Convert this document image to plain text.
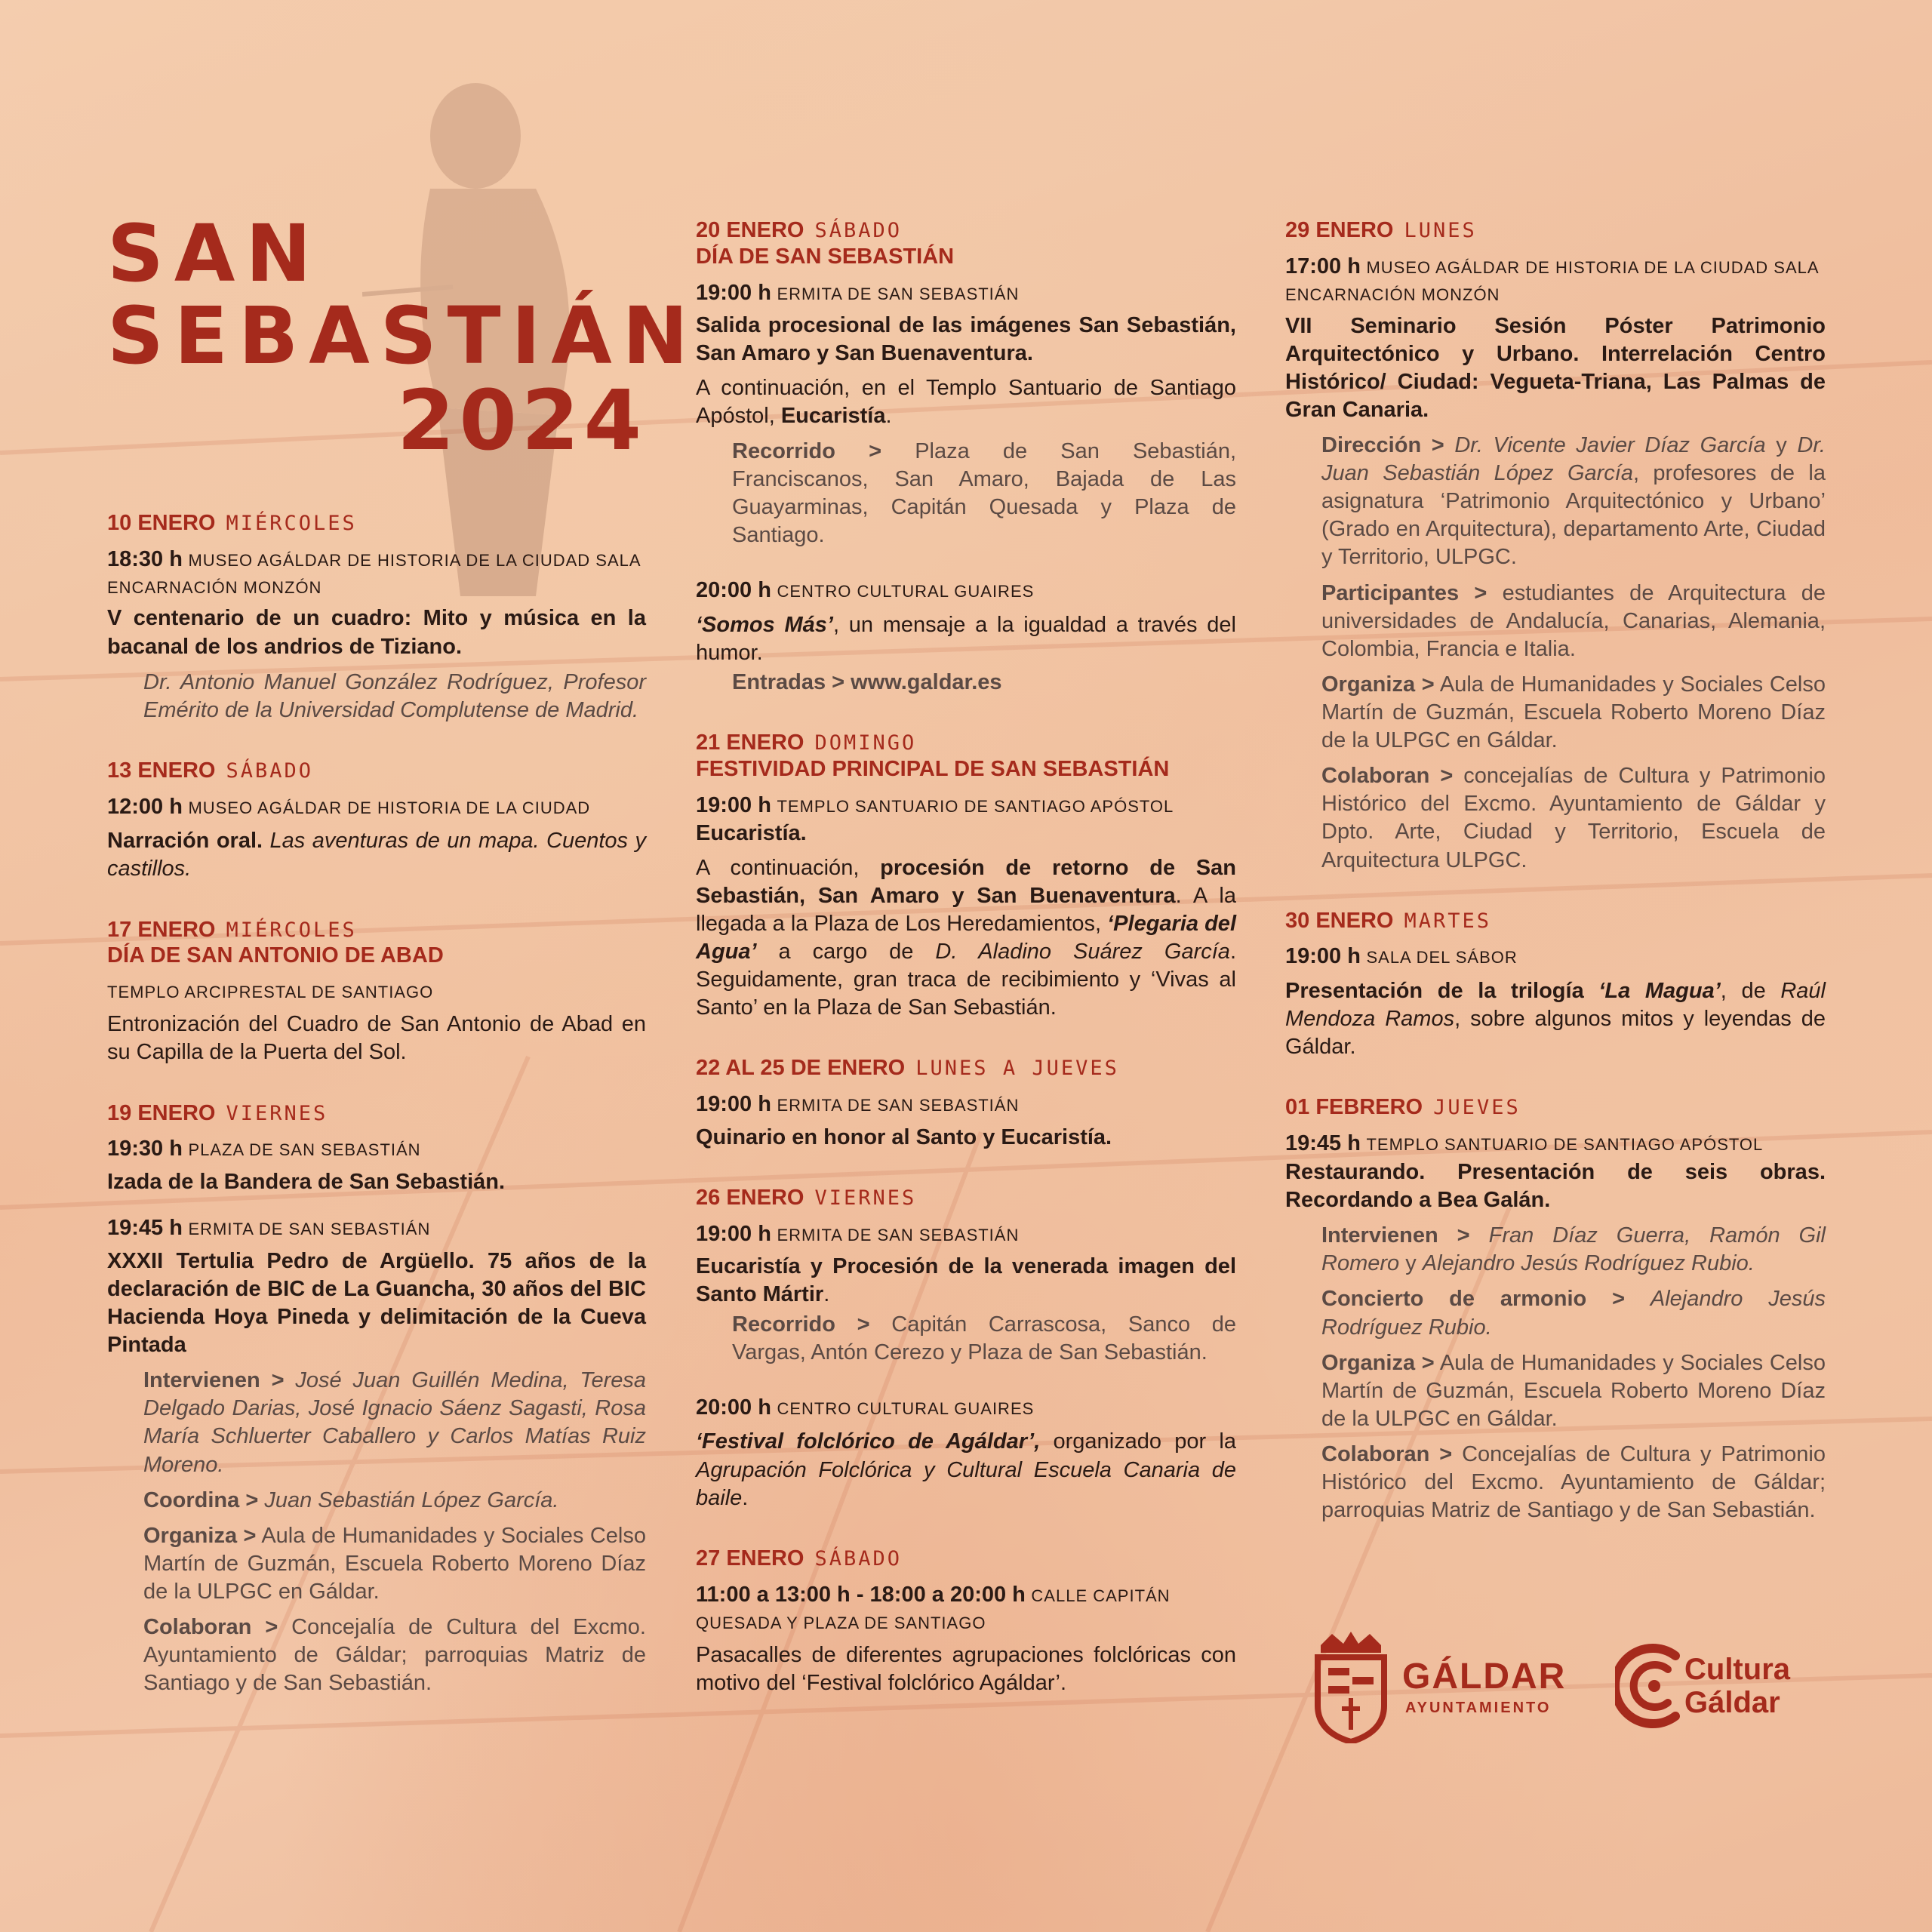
SAN
SEBASTIÁN
2024
10 ENERO MIÉRCOLES
18:30 h MUSEO AGÁLDAR DE HISTORIA DE LA CIUDAD SALA ENCARNACIÓN MONZÓN
V centenario de un cuadro: Mito y música en la bacanal de los andrios de Tiziano.
Dr. Antonio Manuel González Rodríguez, Profesor Emérito de la Universidad Complutense de Madrid.
13 ENERO SÁBADO
12:00 h MUSEO AGÁLDAR DE HISTORIA DE LA CIUDAD
Narración oral. Las aventuras de un mapa. Cuentos y castillos.
17 ENERO MIÉRCOLES
DÍA DE SAN ANTONIO DE ABAD
TEMPLO ARCIPRESTAL DE SANTIAGO
Entronización del Cuadro de San Antonio de Abad en su Capilla de la Puerta del Sol.
19 ENERO VIERNES
19:30 h PLAZA DE SAN SEBASTIÁN
Izada de la Bandera de San Sebastián.
19:45 h ERMITA DE SAN SEBASTIÁN
XXXII Tertulia Pedro de Argüello. 75 años de la declaración de BIC de La Guancha, 30 años del BIC Hacienda Hoya Pineda y delimitación de la Cueva Pintada
Intervienen > José Juan Guillén Medina, Teresa Delgado Darias, José Ignacio Sáenz Sagasti, Rosa María Schluerter Caballero y Carlos Matías Ruiz Moreno.
Coordina > Juan Sebastián López García.
Organiza > Aula de Humanidades y Sociales Celso Martín de Guzmán, Escuela Roberto Moreno Díaz de la ULPGC en Gáldar.
Colaboran > Concejalía de Cultura del Excmo. Ayuntamiento de Gáldar; parroquias Matriz de Santiago y de San Sebastián.
20 ENERO SÁBADO
DÍA DE SAN SEBASTIÁN
19:00 h ERMITA DE SAN SEBASTIÁN
Salida procesional de las imágenes San Sebastián, San Amaro y San Buenaventura.
A continuación, en el Templo Santuario de Santiago Apóstol, Eucaristía.
Recorrido > Plaza de San Sebastián, Franciscanos, San Amaro, Bajada de Las Guayarminas, Capitán Quesada y Plaza de Santiago.
20:00 h CENTRO CULTURAL GUAIRES
‘Somos Más’, un mensaje a la igualdad a través del humor.
Entradas > www.galdar.es
21 ENERO DOMINGO
FESTIVIDAD PRINCIPAL DE SAN SEBASTIÁN
19:00 h TEMPLO SANTUARIO DE SANTIAGO APÓSTOL
Eucaristía.
A continuación, procesión de retorno de San Sebastián, San Amaro y San Buenaventura. A la llegada a la Plaza de Los Heredamientos, ‘Plegaria del Agua’ a cargo de D. Aladino Suárez García. Seguidamente, gran traca de recibimiento y ‘Vivas al Santo’ en la Plaza de San Sebastián.
22 AL 25 DE ENERO LUNES A JUEVES
19:00 h ERMITA DE SAN SEBASTIÁN
Quinario en honor al Santo y Eucaristía.
26 ENERO VIERNES
19:00 h ERMITA DE SAN SEBASTIÁN
Eucaristía y Procesión de la venerada imagen del Santo Mártir.
Recorrido > Capitán Carrascosa, Sanco de Vargas, Antón Cerezo y Plaza de San Sebastián.
20:00 h CENTRO CULTURAL GUAIRES
‘Festival folclórico de Agáldar’, organizado por la Agrupación Folclórica y Cultural Escuela Canaria de baile.
27 ENERO SÁBADO
11:00 a 13:00 h - 18:00 a 20:00 h CALLE CAPITÁN QUESADA Y PLAZA DE SANTIAGO
Pasacalles de diferentes agrupaciones folclóricas con motivo del ‘Festival folclórico Agáldar’.
29 ENERO LUNES
17:00 h MUSEO AGÁLDAR DE HISTORIA DE LA CIUDAD SALA ENCARNACIÓN MONZÓN
VII Seminario Sesión Póster Patrimonio Arquitectónico y Urbano. Interrelación Centro Histórico/ Ciudad: Vegueta-Triana, Las Palmas de Gran Canaria.
Dirección > Dr. Vicente Javier Díaz García y Dr. Juan Sebastián López García, profesores de la asignatura ‘Patrimonio Arquitectónico y Urbano’ (Grado en Arquitectura), departamento Arte, Ciudad y Territorio, ULPGC.
Participantes > estudiantes de Arquitectura de universidades de Andalucía, Canarias, Alemania, Colombia, Francia e Italia.
Organiza > Aula de Humanidades y Sociales Celso Martín de Guzmán, Escuela Roberto Moreno Díaz de la ULPGC en Gáldar.
Colaboran > concejalías de Cultura y Patrimonio Histórico del Excmo. Ayuntamiento de Gáldar y Dpto. Arte, Ciudad y Territorio, Escuela de Arquitectura ULPGC.
30 ENERO MARTES
19:00 h SALA DEL SÁBOR
Presentación de la trilogía ‘La Magua’, de Raúl Mendoza Ramos, sobre algunos mitos y leyendas de Gáldar.
01 FEBRERO JUEVES
19:45 h TEMPLO SANTUARIO DE SANTIAGO APÓSTOL
Restaurando. Presentación de seis obras. Recordando a Bea Galán.
Intervienen > Fran Díaz Guerra, Ramón Gil Romero y Alejandro Jesús Rodríguez Rubio.
Concierto de armonio > Alejandro Jesús Rodríguez Rubio.
Organiza > Aula de Humanidades y Sociales Celso Martín de Guzmán, Escuela Roberto Moreno Díaz de la ULPGC en Gáldar.
Colaboran > Concejalías de Cultura y Patrimonio Histórico del Excmo. Ayuntamiento de Gáldar; parroquias Matriz de Santiago y de San Sebastián.
GÁLDAR
AYUNTAMIENTO
Cultura
Gáldar
